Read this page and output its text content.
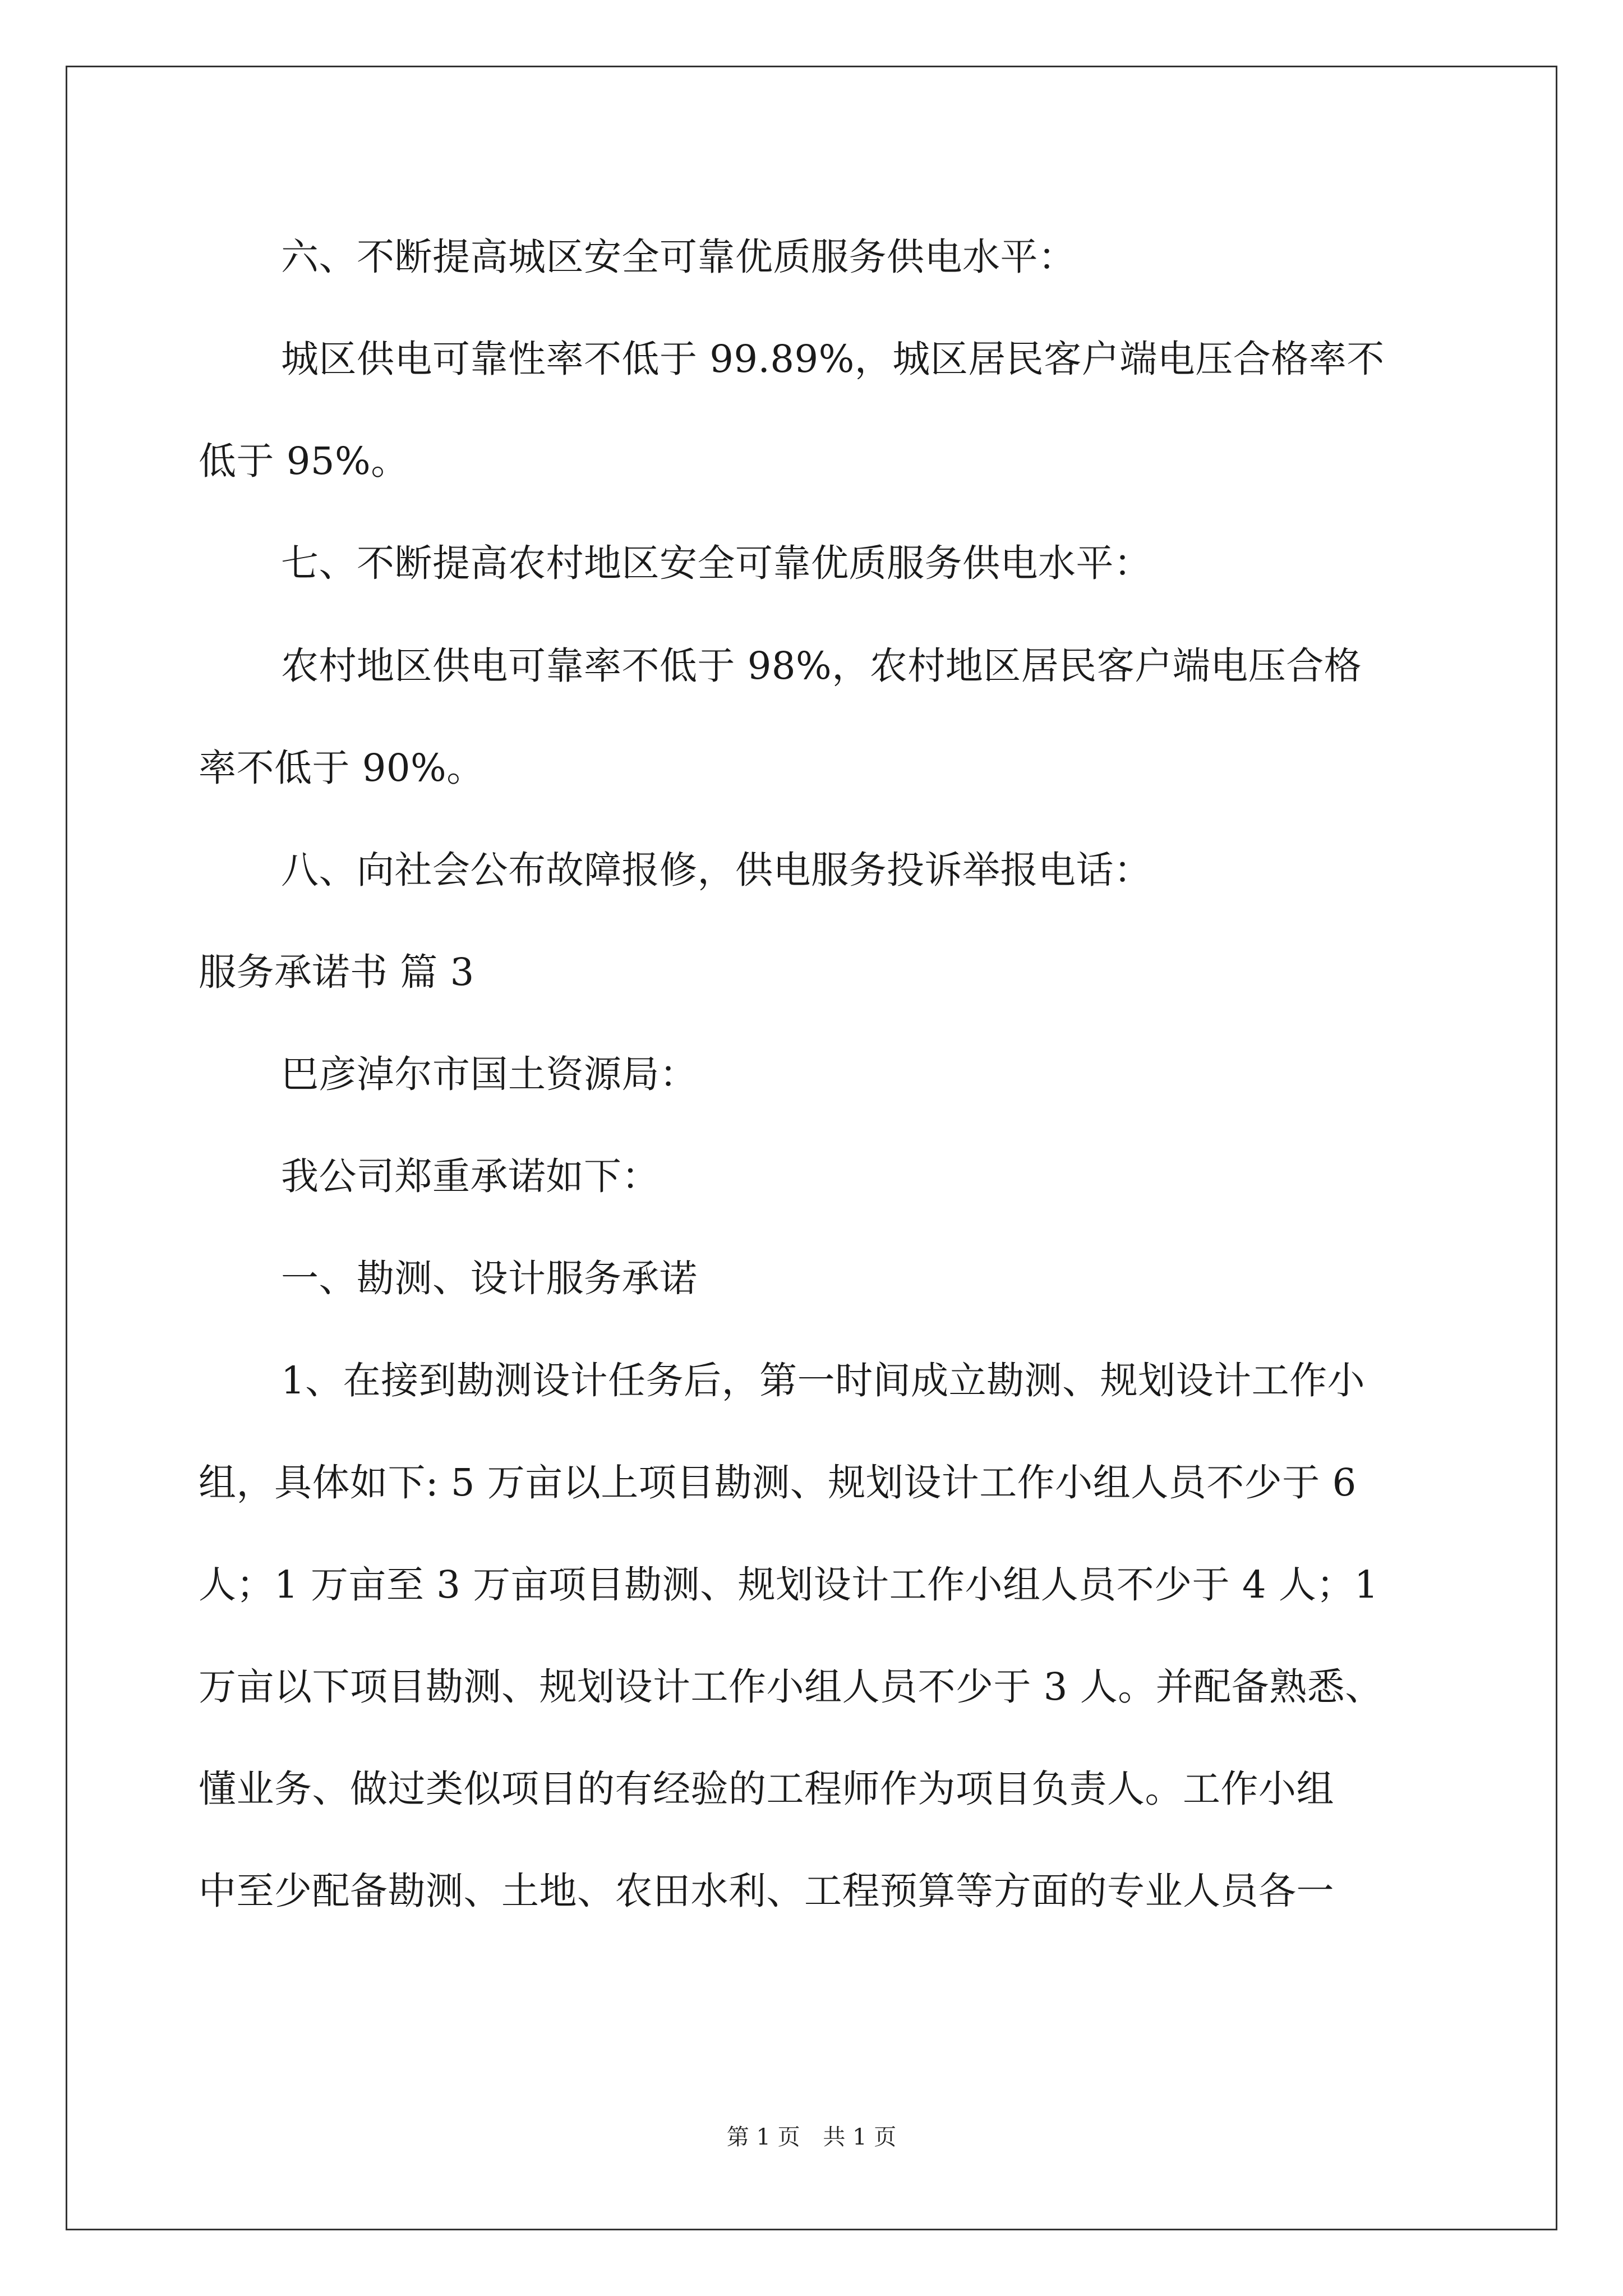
六、不断提高城区安全可靠优质服务供电水平：
城区供电可靠性率不低于 99.89%，城区居民客户端电压合格率不
低于 95%。
七、不断提高农村地区安全可靠优质服务供电水平：
农村地区供电可靠率不低于 98%，农村地区居民客户端电压合格
率不低于 90%。
八、向社会公布故障报修，供电服务投诉举报电话：
服务承诺书 篇 3
巴彦淖尔市国土资源局：
我公司郑重承诺如下：
一、勘测、设计服务承诺
1、在接到勘测设计任务后，第一时间成立勘测、规划设计工作小
组，具体如下: 5 万亩以上项目勘测、规划设计工作小组人员不少于 6
人；1 万亩至 3 万亩项目勘测、规划设计工作小组人员不少于 4 人；1
万亩以下项目勘测、规划设计工作小组人员不少于 3 人。并配备熟悉、
懂业务、做过类似项目的有经验的工程师作为项目负责人。工作小组
中至少配备勘测、土地、农田水利、工程预算等方面的专业人员各一
第 1 页 共 1 页
